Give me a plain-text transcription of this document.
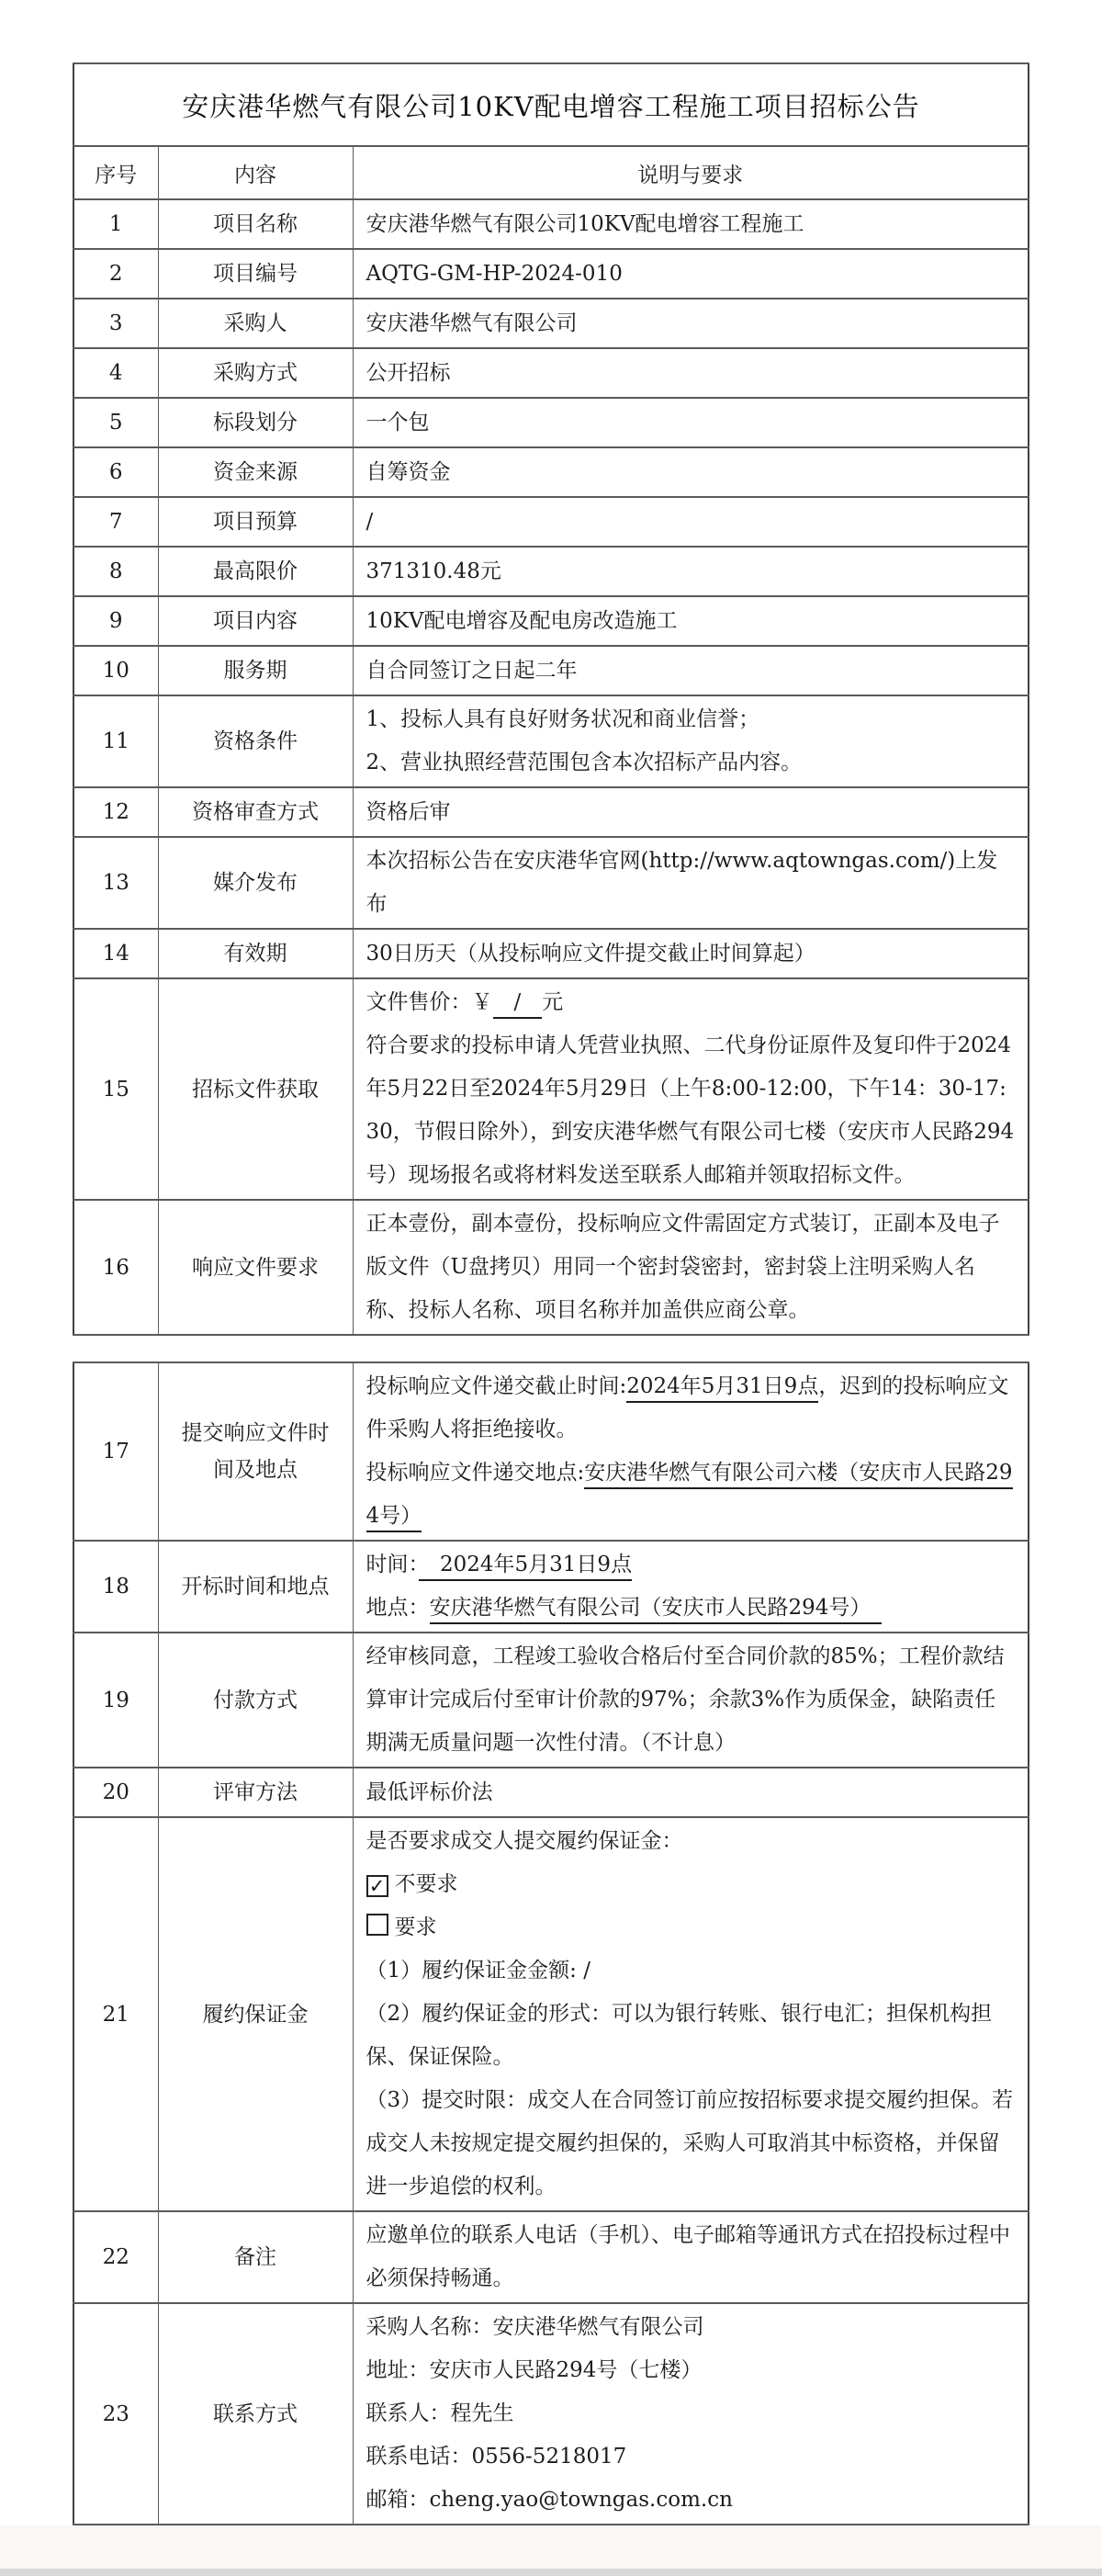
安庆港华燃气有限公司10KV配电增容工程施工项目招标公告		
序号	内容	说明与要求
1	项目名称	安庆港华燃气有限公司10KV配电增容工程施工

2	项目编号	AQTG-GM-HP-2024-010

3	采购人	安庆港华燃气有限公司

4	采购方式	公开招标

5	标段划分	一个包

6	资金来源	自筹资金

7	项目预算	/

8	最高限价	371310.48元

9	项目内容	10KV配电增容及配电房改造施工

10	服务期	自合同签订之日起二年

11	资格条件	1、投标人具有良好财务状况和商业信誉；

2、营业执照经营范围包含本次招标产品内容。

12	资格审查方式	资格后审

13	媒介发布	本次招标公告在安庆港华官网(http://www.aqtowngas.com/)上发布

14	有效期	30日历天（从投标响应文件提交截止时间算起）

15	招标文件获取	文件售价：￥　/　元

符合要求的投标申请人凭营业执照、二代身份证原件及复印件于2024年5月22日至2024年5月29日（上午8:00-12:00，下午14：30-17:30，节假日除外），到安庆港华燃气有限公司七楼（安庆市人民路294号）现场报名或将材料发送至联系人邮箱并领取招标文件。

16	响应文件要求	正本壹份，副本壹份，投标响应文件需固定方式装订，正副本及电子版文件（U盘拷贝）用同一个密封袋密封，密封袋上注明采购人名称、投标人名称、项目名称并加盖供应商公章。

17	提交响应文件时间及地点	投标响应文件递交截止时间:2024年5月31日9点，迟到的投标响应文件采购人将拒绝接收。

投标响应文件递交地点:安庆港华燃气有限公司六楼（安庆市人民路294号）

18	开标时间和地点	时间：　2024年5月31日9点

地点：安庆港华燃气有限公司（安庆市人民路294号）　

19	付款方式	经审核同意，工程竣工验收合格后付至合同价款的85%；工程价款结算审计完成后付至审计价款的97%；余款3%作为质保金，缺陷责任期满无质量问题一次性付清。（不计息）

20	评审方法	最低评标价法

21	履约保证金	

是否要求成交人提交履约保证金：

✓ 不要求

要求

（1）履约保证金金额: /

（2）履约保证金的形式：可以为银行转账、银行电汇；担保机构担保、保证保险。

（3）提交时限：成交人在合同签订前应按招标要求提交履约担保。若成交人未按规定提交履约担保的，采购人可取消其中标资格，并保留进一步追偿的权利。

22	备注	应邀单位的联系人电话（手机）、电子邮箱等通讯方式在招投标过程中必须保持畅通。

23	联系方式	采购人名称：安庆港华燃气有限公司

地址：安庆市人民路294号（七楼）

联系人：程先生

联系电话：0556-5218017

邮箱：cheng.yao@towngas.com.cn
